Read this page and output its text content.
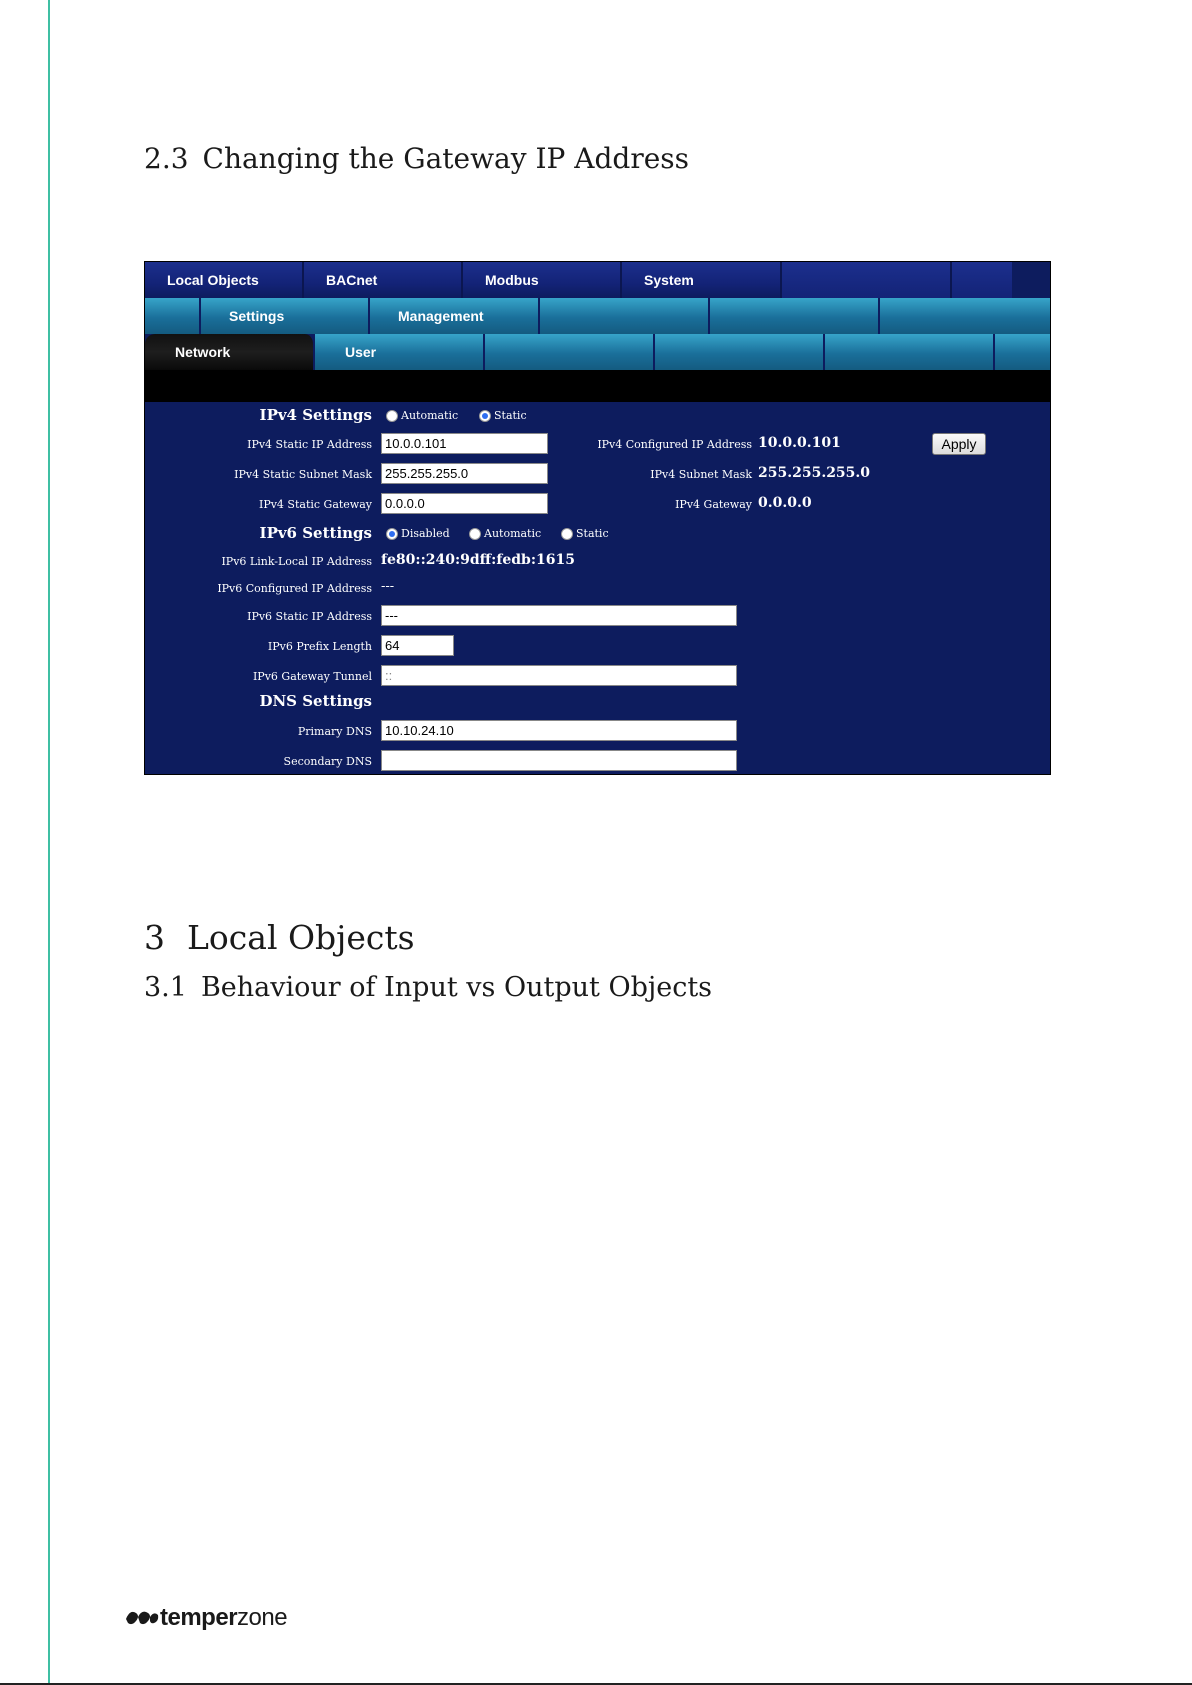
2.3 Changing the Gateway IP Address
Local Objects	BACnet	Modbus	System
Settings	Management
Network	User
IPv4 Settings	Automatic	Static
IPv4 Static IP Address	10.0.0.101	IPv4 Configured IP Address 10.0.0.101	Apply
IPv4 Static Subnet Mask	255.255.255.0	IPv4 Subnet Mask 255.255.255.0
IPv4 Static Gateway	0.0.0.0	IPv4 Gateway 0.0.0.0
IPv6 Settings	Disabled	Automatic	Static
IPv6 Link-Local IP Address fe80::240:9dff:fedb:1615
IPv6 Configured IP Address ---
IPv6 Static IP Address	---
IPv6 Prefix Length	64
IPv6 Gateway Tunnel	::
DNS Settings
Primary DNS	10.10.24.10
Secondary DNS
3 Local Objects
3.1 Behaviour of Input vs Output Objects
temperzone
